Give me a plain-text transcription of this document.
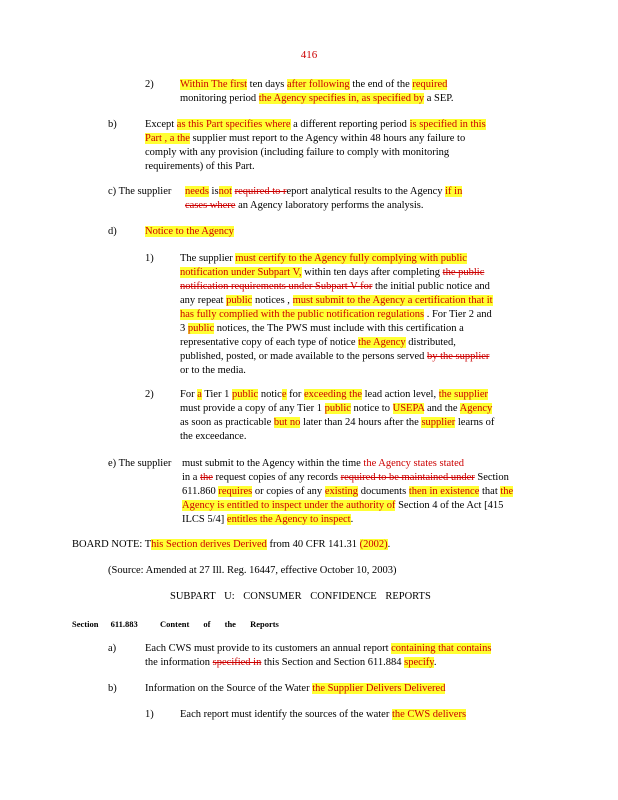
416
2)	Within The first ten days after following the end of the required
monitoring period the Agency specifies in, as specified by a SEP.
b)	Except as this Part specifies where a different reporting period is specified in this
Part , a the supplier must report to the Agency within 48 hours any failure to
comply with any provision (including failure to comply with monitoring
requirements) of this Part.
c) The supplier	needs isnot required to report analytical results to the Agency if in
cases where an Agency laboratory performs the analysis.
d)	Notice to the Agency
1)	The supplier must certify to the Agency fully complying with public
notification under Subpart V, within ten days after completing the public
notification requirements under Subpart V for the initial public notice and
any repeat public notices , must submit to the Agency a certification that it
has fully complied with the public notification regulations . For Tier 2 and
3 public notices, the The PWS must include with this certification a
representative copy of each type of notice the Agency distributed,
published, posted, or made available to the persons served by the supplier
or to the media.
2)	For a Tier 1 public notice for exceeding the lead action level, the supplier
must provide a copy of any Tier 1 public notice to USEPA and the Agency
as soon as practicable but no later than 24 hours after the supplier learns of
the exceedance.
e) The supplier	must submit to the Agency within the time the Agency states stated
in a the request copies of any records required to be maintained under Section
611.860 requires or copies of any existing documents then in existence that the
Agency is entitled to inspect under the authority of Section 4 of the Act [415
ILCS 5/4] entitles the Agency to inspect.
BOARD NOTE: This Section derives Derived from 40 CFR 141.31 (2002).
(Source: Amended at 27 Ill. Reg. 16447, effective October 10, 2003)
SUBPART U: CONSUMER CONFIDENCE REPORTS
Section 611.883	Content of the Reports
a)	Each CWS must provide to its customers an annual report containing that contains
the information specified in this Section and Section 611.884 specify.
b)	Information on the Source of the Water the Supplier Delivers Delivered
1)	Each report must identify the sources of the water the CWS delivers
